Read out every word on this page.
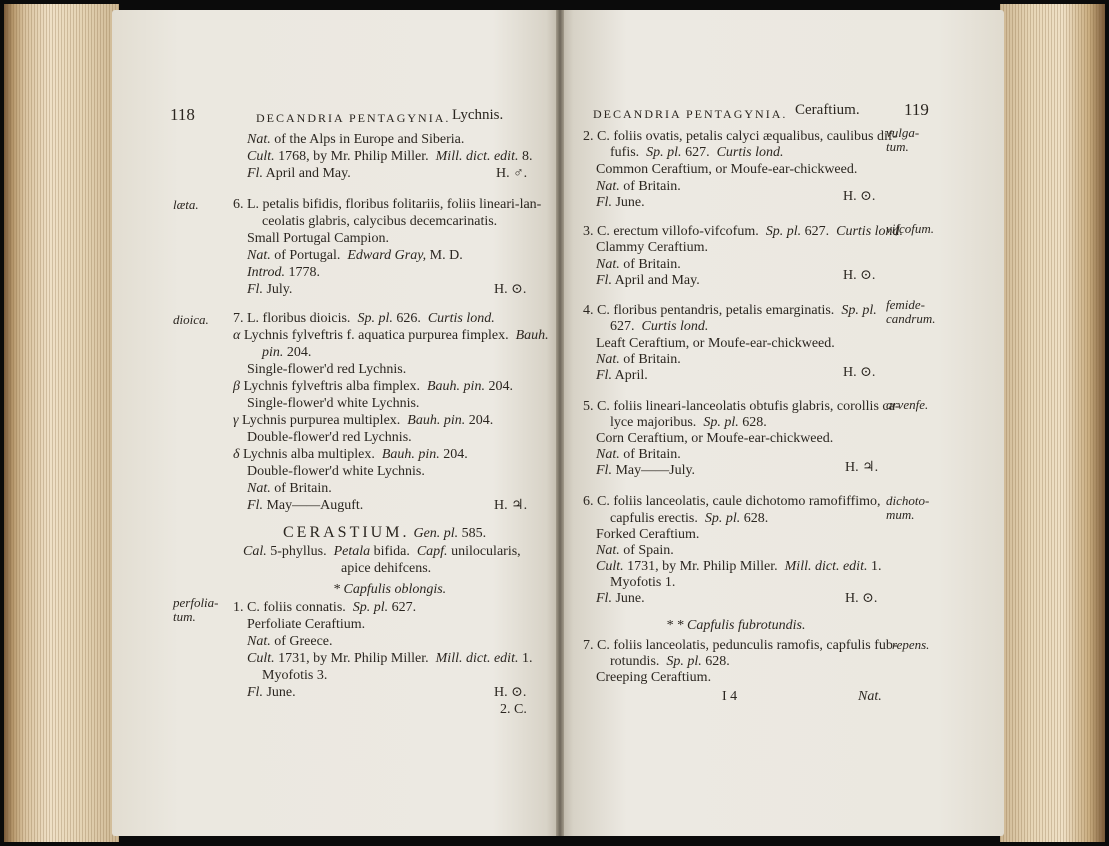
118	DECANDRIA PENTAGYNIA. Lychnis.
Nat. of the Alps in Europe and Siberia.
Cult. 1768, by Mr. Philip Miller. Mill. dict. edit. 8.
Fl. April and May.	H. ♂.
læta. 6. L. petalis bifidis, floribus folitariis, foliis lineari-lan-
ceolatis glabris, calycibus decemcarinatis.
Small Portugal Campion.
Nat. of Portugal. Edward Gray, M. D.
Introd. 1778.
Fl. July.	H. ⊙.
dioica. 7. L. floribus dioicis. Sp. pl. 626. Curtis lond.
α Lychnis fylveftris f. aquatica purpurea fimplex. Bauh.
pin. 204.
Single-flower'd red Lychnis.
β Lychnis fylveftris alba fimplex. Bauh. pin. 204.
Single-flower'd white Lychnis.
γ Lychnis purpurea multiplex. Bauh. pin. 204.
Double-flower'd red Lychnis.
δ Lychnis alba multiplex. Bauh. pin. 204.
Double-flower'd white Lychnis.
Nat. of Britain.
Fl. May——Auguft.	H. ♃.
CERASTIUM. Gen. pl. 585.
Cal. 5-phyllus. Petala bifida. Capf. unilocularis,
apice dehifcens.
* Capfulis oblongis.
perfolia-
tum.
1. C. foliis connatis. Sp. pl. 627.
Perfoliate Ceraftium.
Nat. of Greece.
Cult. 1731, by Mr. Philip Miller. Mill. dict. edit. 1.
Myofotis 3.
Fl. June.	H. ⊙.
2. C.
DECANDRIA PENTAGYNIA. Ceraftium.	119
vulga-
tum.
2. C. foliis ovatis, petalis calyci æqualibus, caulibus dif-
fufis. Sp. pl. 627. Curtis lond.
Common Ceraftium, or Moufe-ear-chickweed.
Nat. of Britain.
Fl. June.	H. ⊙.
vifcofum.
3. C. erectum villofo-vifcofum. Sp. pl. 627. Curtis lond.
Clammy Ceraftium.
Nat. of Britain.
Fl. April and May.	H. ⊙.
femide-
candrum.
4. C. floribus pentandris, petalis emarginatis. Sp. pl.
627. Curtis lond.
Leaft Ceraftium, or Moufe-ear-chickweed.
Nat. of Britain.
Fl. April.	H. ⊙.
arvenfe.
5. C. foliis lineari-lanceolatis obtufis glabris, corollis ca-
lyce majoribus. Sp. pl. 628.
Corn Ceraftium, or Moufe-ear-chickweed.
Nat. of Britain.
Fl. May——July.	H. ♃.
dichoto-
mum.
6. C. foliis lanceolatis, caule dichotomo ramofiffimo,
capfulis erectis. Sp. pl. 628.
Forked Ceraftium.
Nat. of Spain.
Cult. 1731, by Mr. Philip Miller. Mill. dict. edit. 1.
Myofotis 1.
Fl. June.	H. ⊙.
* * Capfulis fubrotundis.
repens.
7. C. foliis lanceolatis, pedunculis ramofis, capfulis fub-
rotundis. Sp. pl. 628.
Creeping Ceraftium.
I 4	Nat.
